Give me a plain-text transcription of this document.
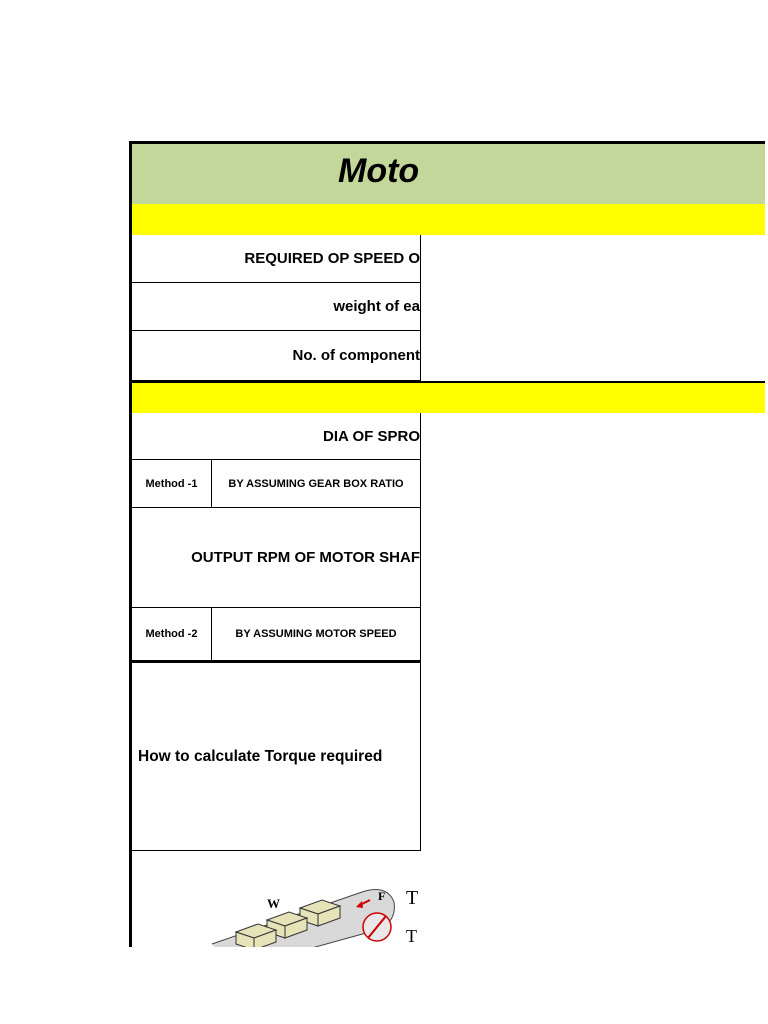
Moto
REQUIRED OP SPEED O
weight of ea
No. of component
DIA OF SPRO
Method -1	BY ASSUMING GEAR BOX RATIO
OUTPUT RPM OF MOTOR SHAF
Method -2	BY ASSUMING MOTOR SPEED
How to calculate Torque required
W	F T
T
